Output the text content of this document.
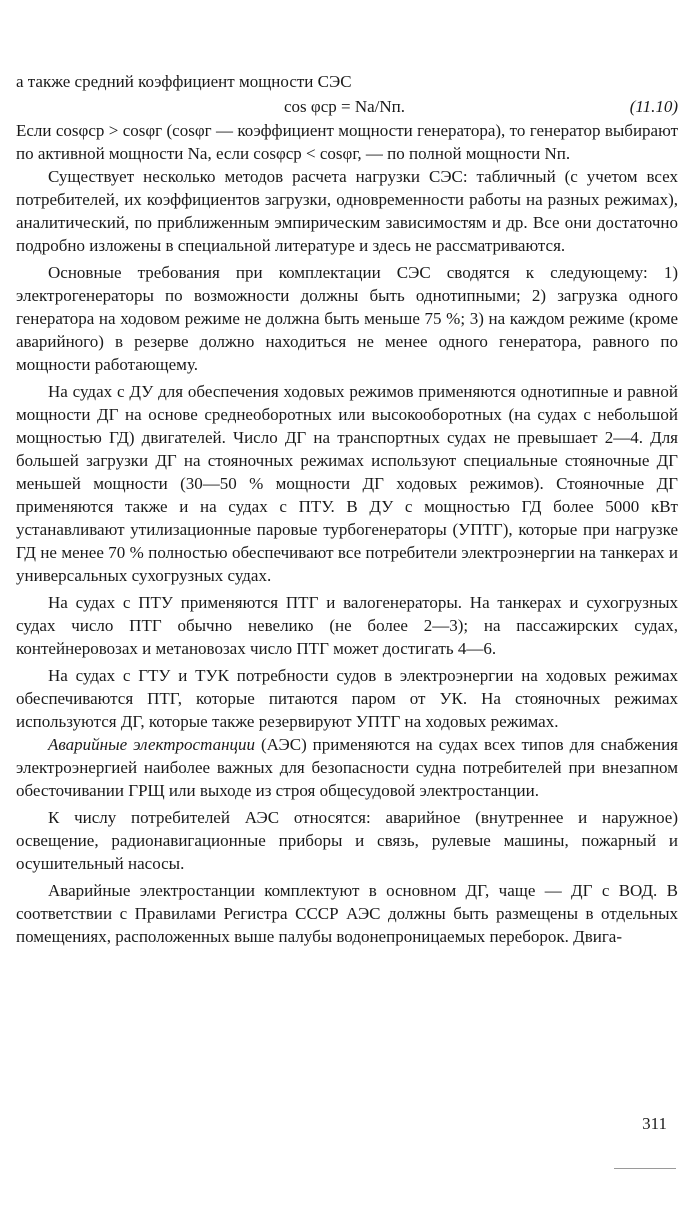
а также средний коэффициент мощности СЭС

cos φср = Nа/Nп.	(11.10)

Если cosφср > cosφг (cosφг — коэффициент мощности генератора), то генератор выбирают по активной мощности Nа, если cosφср < cosφг, — по полной мощности Nп.

Существует несколько методов расчета нагрузки СЭС: табличный (с учетом всех потребителей, их коэффициентов загрузки, одновременности работы на разных режимах), аналитический, по приближенным эмпирическим зависимостям и др. Все они достаточно подробно изложены в специальной литературе и здесь не рассматриваются.

Основные требования при комплектации СЭС сводятся к следующему: 1) электрогенераторы по возможности должны быть однотипными; 2) загрузка одного генератора на ходовом режиме не должна быть меньше 75 %; 3) на каждом режиме (кроме аварийного) в резерве должно находиться не менее одного генератора, равного по мощности работающему.

На судах с ДУ для обеспечения ходовых режимов применяются однотипные и равной мощности ДГ на основе среднеоборотных или высокооборотных (на судах с небольшой мощностью ГД) двигателей. Число ДГ на транспортных судах не превышает 2—4. Для большей загрузки ДГ на стояночных режимах используют специальные стояночные ДГ меньшей мощности (30—50 % мощности ДГ ходовых режимов). Стояночные ДГ применяются также и на судах с ПТУ. В ДУ с мощностью ГД более 5000 кВт устанавливают утилизационные паровые турбогенераторы (УПТГ), которые при нагрузке ГД не менее 70 % полностью обеспечивают все потребители электроэнергии на танкерах и универсальных сухогрузных судах.

На судах с ПТУ применяются ПТГ и валогенераторы. На танкерах и сухогрузных судах число ПТГ обычно невелико (не более 2—3); на пассажирских судах, контейнеровозах и метановозах число ПТГ может достигать 4—6.

На судах с ГТУ и ТУК потребности судов в электроэнергии на ходовых режимах обеспечиваются ПТГ, которые питаются паром от УК. На стояночных режимах используются ДГ, которые также резервируют УПТГ на ходовых режимах.

Аварийные электростанции (АЭС) применяются на судах всех типов для снабжения электроэнергией наиболее важных для безопасности судна потребителей при внезапном обесточивании ГРЩ или выходе из строя общесудовой электростанции.

К числу потребителей АЭС относятся: аварийное (внутреннее и наружное) освещение, радионавигационные приборы и связь, рулевые машины, пожарный и осушительный насосы.

Аварийные электростанции комплектуют в основном ДГ, чаще — ДГ с ВОД. В соответствии с Правилами Регистра СССР АЭС должны быть размещены в отдельных помещениях, расположенных выше палубы водонепроницаемых переборок. Двига-

311
